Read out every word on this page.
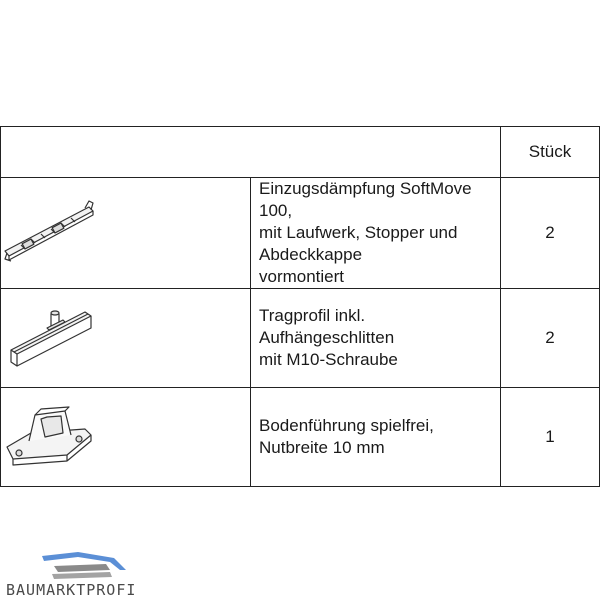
		Stück

Einzugsdämpfung SoftMove 100,
mit Laufwerk, Stopper und Abdeckkappe
vormontiert	2

Tragprofil inkl. Aufhängeschlitten
mit M10-Schraube	2

Bodenführung spielfrei, Nutbreite 10 mm	1
BAUMARKTPROFI
